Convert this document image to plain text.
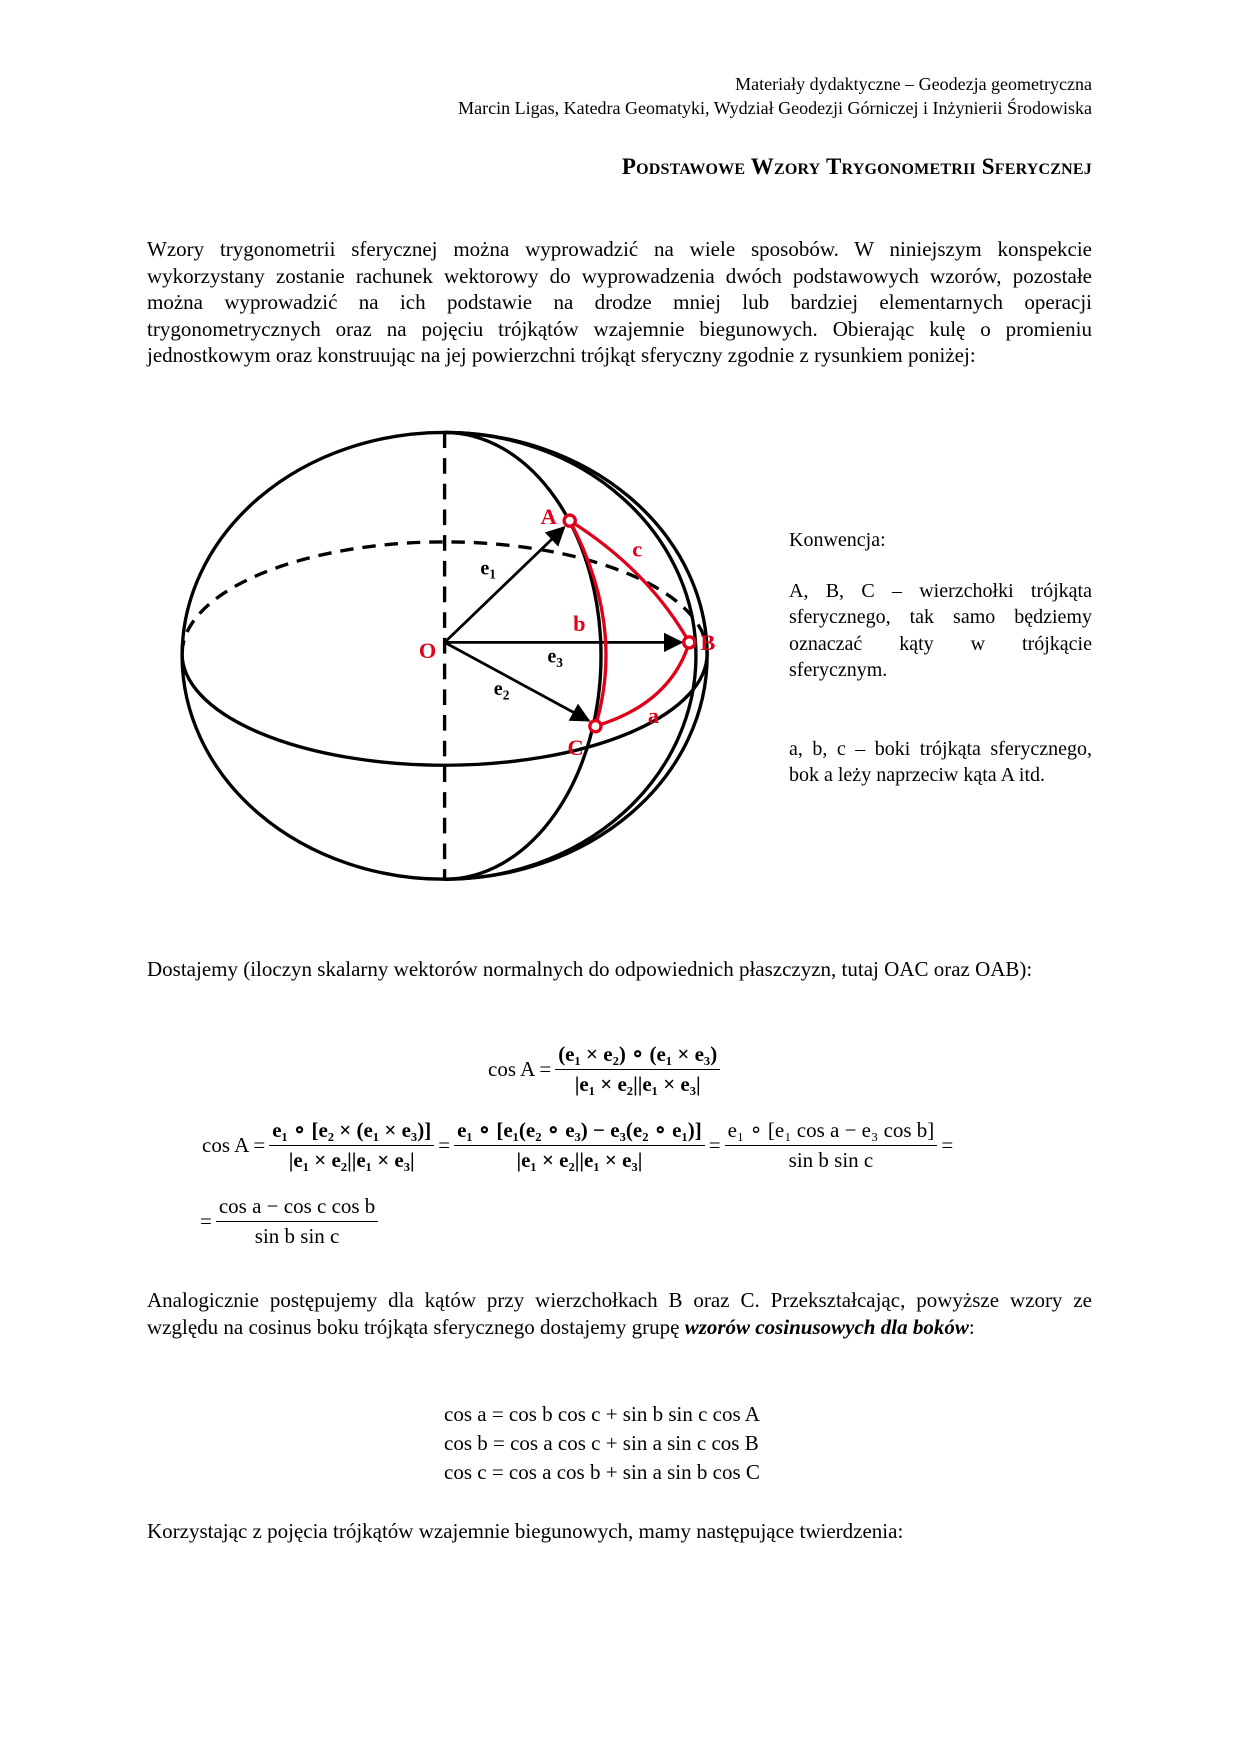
Materiały dydaktyczne – Geodezja geometryczna
Marcin Ligas, Katedra Geomatyki, Wydział Geodezji Górniczej i Inżynierii Środowiska
Podstawowe Wzory Trygonometrii Sferycznej

Wzory trygonometrii sferycznej można wyprowadzić na wiele sposobów. W niniejszym konspekcie wykorzystany zostanie rachunek wektorowy do wyprowadzenia dwóch podstawowych wzorów, pozostałe można wyprowadzić na ich podstawie na drodze mniej lub bardziej elementarnych operacji trygonometrycznych oraz na pojęciu trójkątów wzajemnie biegunowych. Obierając kulę o promieniu jednostkowym oraz konstruując na jej powierzchni trójkąt sferyczny zgodnie z rysunkiem poniżej:

A
B
C
O
a
b
c
$e_1$
$e_3$
$e_2$

Konwencja:

A, B, C – wierzchołki trójkąta sferycznego, tak samo będziemy oznaczać kąty w trójkącie sferycznym.

a, b, c – boki trójkąta sferycznego, bok a leży naprzeciw kąta A itd.

Dostajemy (iloczyn skalarny wektorów normalnych do odpowiednich płaszczyzn, tutaj OAC oraz OAB):

$\cos A = \frac{\text{(e₁ × e₂) ∘ (e₁ × e₃)}}{\text{|e₁ × e₂||e₁ × e₃|}}$
$\cos A = \frac{\text{e₁ ∘ [e₂ × (e₁ × e₃)]}}{\text{|e₁ × e₂||e₁ × e₃|}} = \frac{\text{e₁ ∘ [e₁(e₂ ∘ e₃) − e₃(e₂ ∘ e₁)]}}{\text{|e₁ × e₂||e₁ × e₃|}} = \frac{\text{e₁ ∘ [e₁ cos a − e₃ cos b]}}{\text{sin b sin c}}$ =
= $\frac{\text{cos a − cos c cos b}}{\text{sin b sin c}}$

Analogicznie postępujemy dla kątów przy wierzchołkach B oraz C. Przekształcając, powyższe wzory ze względu na cosinus boku trójkąta sferycznego dostajemy grupę wzorów cosinusowych dla boków:

cos a = cos b cos c + sin b sin c cos A
cos b = cos a cos c + sin a sin c cos B
cos c = cos a cos b + sin a sin b cos C

Korzystając z pojęcia trójkątów wzajemnie biegunowych, mamy następujące twierdzenia:
